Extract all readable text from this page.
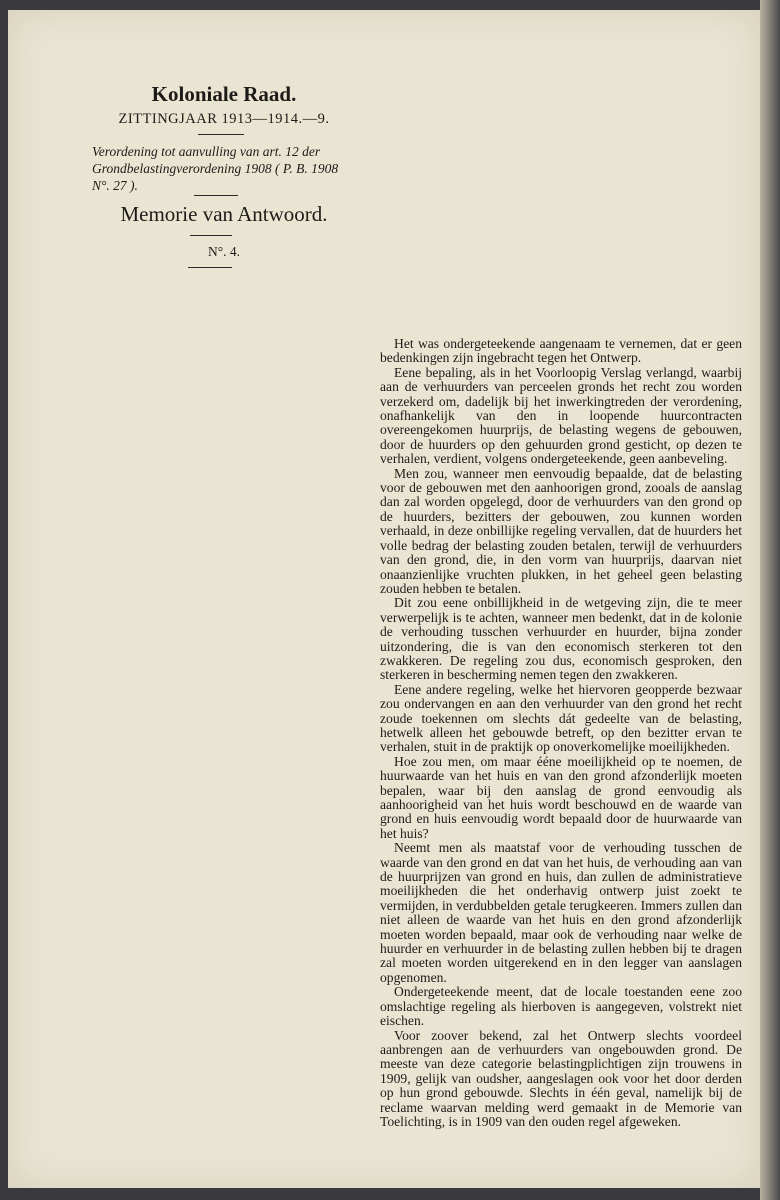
Koloniale Raad.
ZITTINGJAAR 1913—1914.—9.
Verordening tot aanvulling van art. 12 der Grondbelastingverordening 1908 ( P. B. 1908 N°. 27 ).
Memorie van Antwoord.
N°. 4.

Het was ondergeteekende aangenaam te vernemen, dat er geen bedenkingen zijn ingebracht tegen het Ontwerp.

Eene bepaling, als in het Voorloopig Verslag verlangd, waarbij aan de verhuurders van perceelen gronds het recht zou worden verzekerd om, dadelijk bij het inwerkingtreden der verordening, onafhankelijk van den in loopende huurcontracten overeengekomen huurprijs, de belasting wegens de gebouwen, door de huurders op den gehuurden grond gesticht, op dezen te verhalen, verdient, volgens ondergeteekende, geen aanbeveling.

Men zou, wanneer men eenvoudig bepaalde, dat de belasting voor de gebouwen met den aanhoorigen grond, zooals de aanslag dan zal worden opgelegd, door de verhuurders van den grond op de huurders, bezitters der gebouwen, zou kunnen worden verhaald, in deze onbillijke regeling vervallen, dat de huurders het volle bedrag der belasting zouden betalen, terwijl de verhuurders van den grond, die, in den vorm van huurprijs, daarvan niet onaanzienlijke vruchten plukken, in het geheel geen belasting zouden hebben te betalen.

Dit zou eene onbillijkheid in de wetgeving zijn, die te meer verwerpelijk is te achten, wanneer men bedenkt, dat in de kolonie de verhouding tusschen verhuurder en huurder, bijna zonder uitzondering, die is van den economisch sterkeren tot den zwakkeren. De regeling zou dus, economisch gesproken, den sterkeren in bescherming nemen tegen den zwakkeren.

Eene andere regeling, welke het hiervoren geopperde bezwaar zou ondervangen en aan den verhuurder van den grond het recht zoude toekennen om slechts dát gedeelte van de belasting, hetwelk alleen het gebouwde betreft, op den bezitter ervan te verhalen, stuit in de praktijk op onoverkomelijke moeilijkheden.

Hoe zou men, om maar ééne moeilijkheid op te noemen, de huurwaarde van het huis en van den grond afzonderlijk moeten bepalen, waar bij den aanslag de grond eenvoudig als aanhoorigheid van het huis wordt beschouwd en de waarde van grond en huis eenvoudig wordt bepaald door de huurwaarde van het huis?

Neemt men als maatstaf voor de verhouding tusschen de waarde van den grond en dat van het huis, de verhouding aan van de huurprijzen van grond en huis, dan zullen de administratieve moeilijkheden die het onderhavig ontwerp juist zoekt te vermijden, in verdubbelden getale terugkeeren. Immers zullen dan niet alleen de waarde van het huis en den grond afzonderlijk moeten worden bepaald, maar ook de verhouding naar welke de huurder en verhuurder in de belasting zullen hebben bij te dragen zal moeten worden uitgerekend en in den legger van aanslagen opgenomen.

Ondergeteekende meent, dat de locale toestanden eene zoo omslachtige regeling als hierboven is aangegeven, volstrekt niet eischen.

Voor zoover bekend, zal het Ontwerp slechts voordeel aanbrengen aan de verhuurders van ongebouwden grond. De meeste van deze categorie belastingplichtigen zijn trouwens in 1909, gelijk van oudsher, aangeslagen ook voor het door derden op hun grond gebouwde. Slechts in één geval, namelijk bij de reclame waarvan melding werd gemaakt in de Memorie van Toelichting, is in 1909 van den ouden regel afgeweken.
